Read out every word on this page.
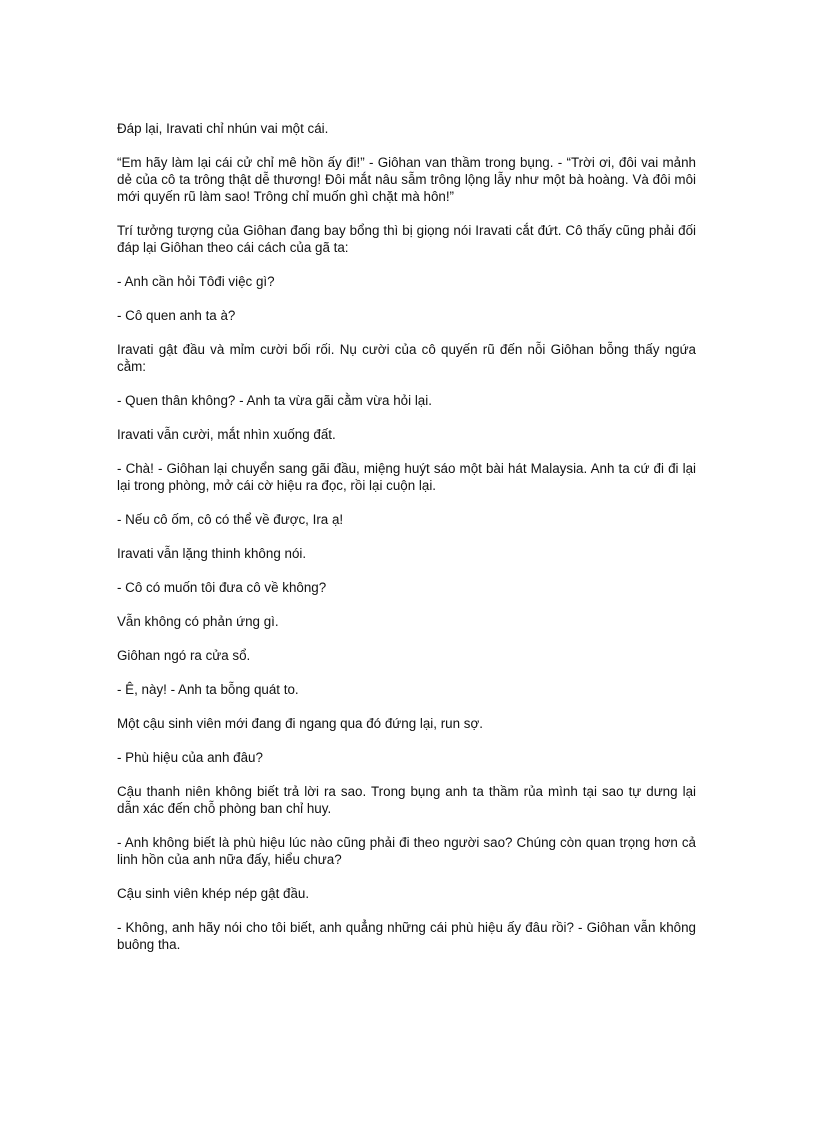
Đáp lại, Iravati chỉ nhún vai một cái.

“Em hãy làm lại cái cử chỉ mê hồn ấy đi!” - Giôhan van thầm trong bụng. - “Trời ơi, đôi vai mảnh dẻ của cô ta trông thật dễ thương! Đôi mắt nâu sẫm trông lộng lẫy như một bà hoàng. Và đôi môi mới quyến rũ làm sao! Trông chỉ muốn ghì chặt mà hôn!”

Trí tưởng tượng của Giôhan đang bay bổng thì bị giọng nói Iravati cắt đứt. Cô thấy cũng phải đối đáp lại Giôhan theo cái cách của gã ta:

- Anh cần hỏi Tôđi việc gì?

- Cô quen anh ta à?

Iravati gật đầu và mỉm cười bối rối. Nụ cười của cô quyến rũ đến nỗi Giôhan bỗng thấy ngứa cằm:

- Quen thân không? - Anh ta vừa gãi cằm vừa hỏi lại.

Iravati vẫn cười, mắt nhìn xuống đất.

- Chà! - Giôhan lại chuyển sang gãi đầu, miệng huýt sáo một bài hát Malaysia. Anh ta cứ đi đi lại lại trong phòng, mở cái cờ hiệu ra đọc, rồi lại cuộn lại.

- Nếu cô ốm, cô có thể về được, Ira ạ!

Iravati vẫn lặng thinh không nói.

- Cô có muốn tôi đưa cô về không?

Vẫn không có phản ứng gì.

Giôhan ngó ra cửa sổ.

- Ê, này! - Anh ta bỗng quát to.

Một cậu sinh viên mới đang đi ngang qua đó đứng lại, run sợ.

- Phù hiệu của anh đâu?

Cậu thanh niên không biết trả lời ra sao. Trong bụng anh ta thầm rủa mình tại sao tự dưng lại dẫn xác đến chỗ phòng ban chỉ huy.

- Anh không biết là phù hiệu lúc nào cũng phải đi theo người sao? Chúng còn quan trọng hơn cả linh hồn của anh nữa đấy, hiểu chưa?

Cậu sinh viên khép nép gật đầu.

- Không, anh hãy nói cho tôi biết, anh quẳng những cái phù hiệu ấy đâu rồi? - Giôhan vẫn không buông tha.
